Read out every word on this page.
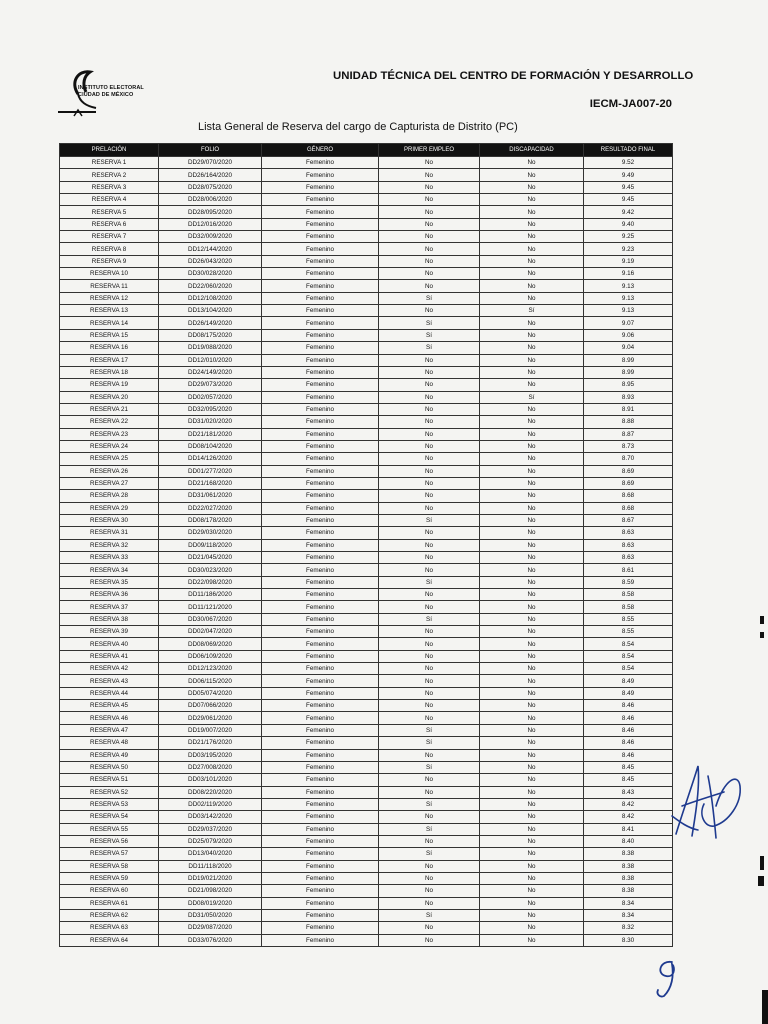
INSTITUTO ELECTORAL
CIUDAD DE MÉXICO
UNIDAD TÉCNICA DEL CENTRO DE FORMACIÓN Y DESARROLLO
IECM-JA007-20
Lista General de Reserva del cargo de Capturista de Distrito (PC)
PRELACIÓN	FOLIO	GÉNERO	PRIMER EMPLEO	DISCAPACIDAD	RESULTADO FINAL
RESERVA 1	DD29/070/2020	Femenino	No	No	9.52
RESERVA 2	DD26/164/2020	Femenino	No	No	9.49
RESERVA 3	DD28/075/2020	Femenino	No	No	9.45
RESERVA 4	DD28/006/2020	Femenino	No	No	9.45
RESERVA 5	DD28/095/2020	Femenino	No	No	9.42
RESERVA 6	DD12/016/2020	Femenino	No	No	9.40
RESERVA 7	DD32/009/2020	Femenino	No	No	9.25
RESERVA 8	DD12/144/2020	Femenino	No	No	9.23
RESERVA 9	DD26/043/2020	Femenino	No	No	9.19
RESERVA 10	DD30/028/2020	Femenino	No	No	9.16
RESERVA 11	DD22/060/2020	Femenino	No	No	9.13
RESERVA 12	DD12/108/2020	Femenino	Sí	No	9.13
RESERVA 13	DD13/104/2020	Femenino	No	Sí	9.13
RESERVA 14	DD26/149/2020	Femenino	Sí	No	9.07
RESERVA 15	DD08/175/2020	Femenino	Sí	No	9.06
RESERVA 16	DD19/088/2020	Femenino	Sí	No	9.04
RESERVA 17	DD12/010/2020	Femenino	No	No	8.99
RESERVA 18	DD24/149/2020	Femenino	No	No	8.99
RESERVA 19	DD29/073/2020	Femenino	No	No	8.95
RESERVA 20	DD02/057/2020	Femenino	No	Sí	8.93
RESERVA 21	DD32/095/2020	Femenino	No	No	8.91
RESERVA 22	DD31/020/2020	Femenino	No	No	8.88
RESERVA 23	DD21/181/2020	Femenino	No	No	8.87
RESERVA 24	DD08/104/2020	Femenino	No	No	8.73
RESERVA 25	DD14/126/2020	Femenino	No	No	8.70
RESERVA 26	DD01/277/2020	Femenino	No	No	8.69
RESERVA 27	DD21/168/2020	Femenino	No	No	8.69
RESERVA 28	DD31/061/2020	Femenino	No	No	8.68
RESERVA 29	DD22/027/2020	Femenino	No	No	8.68
RESERVA 30	DD08/178/2020	Femenino	Sí	No	8.67
RESERVA 31	DD29/030/2020	Femenino	No	No	8.63
RESERVA 32	DD09/118/2020	Femenino	No	No	8.63
RESERVA 33	DD21/045/2020	Femenino	No	No	8.63
RESERVA 34	DD30/023/2020	Femenino	No	No	8.61
RESERVA 35	DD22/098/2020	Femenino	Sí	No	8.59
RESERVA 36	DD11/186/2020	Femenino	No	No	8.58
RESERVA 37	DD11/121/2020	Femenino	No	No	8.58
RESERVA 38	DD30/067/2020	Femenino	Sí	No	8.55
RESERVA 39	DD02/047/2020	Femenino	No	No	8.55
RESERVA 40	DD08/069/2020	Femenino	No	No	8.54
RESERVA 41	DD06/109/2020	Femenino	No	No	8.54
RESERVA 42	DD12/123/2020	Femenino	No	No	8.54
RESERVA 43	DD06/115/2020	Femenino	No	No	8.49
RESERVA 44	DD05/074/2020	Femenino	No	No	8.49
RESERVA 45	DD07/066/2020	Femenino	No	No	8.46
RESERVA 46	DD29/061/2020	Femenino	No	No	8.46
RESERVA 47	DD19/007/2020	Femenino	Sí	No	8.46
RESERVA 48	DD21/176/2020	Femenino	Sí	No	8.46
RESERVA 49	DD03/195/2020	Femenino	No	No	8.46
RESERVA 50	DD27/008/2020	Femenino	Sí	No	8.45
RESERVA 51	DD03/101/2020	Femenino	No	No	8.45
RESERVA 52	DD08/220/2020	Femenino	No	No	8.43
RESERVA 53	DD02/119/2020	Femenino	Sí	No	8.42
RESERVA 54	DD03/142/2020	Femenino	No	No	8.42
RESERVA 55	DD29/037/2020	Femenino	Sí	No	8.41
RESERVA 56	DD25/079/2020	Femenino	No	No	8.40
RESERVA 57	DD13/040/2020	Femenino	Sí	No	8.38
RESERVA 58	DD11/118/2020	Femenino	No	No	8.38
RESERVA 59	DD19/021/2020	Femenino	No	No	8.38
RESERVA 60	DD21/098/2020	Femenino	No	No	8.38
RESERVA 61	DD08/019/2020	Femenino	No	No	8.34
RESERVA 62	DD31/050/2020	Femenino	Sí	No	8.34
RESERVA 63	DD29/087/2020	Femenino	No	No	8.32
RESERVA 64	DD33/076/2020	Femenino	No	No	8.30
